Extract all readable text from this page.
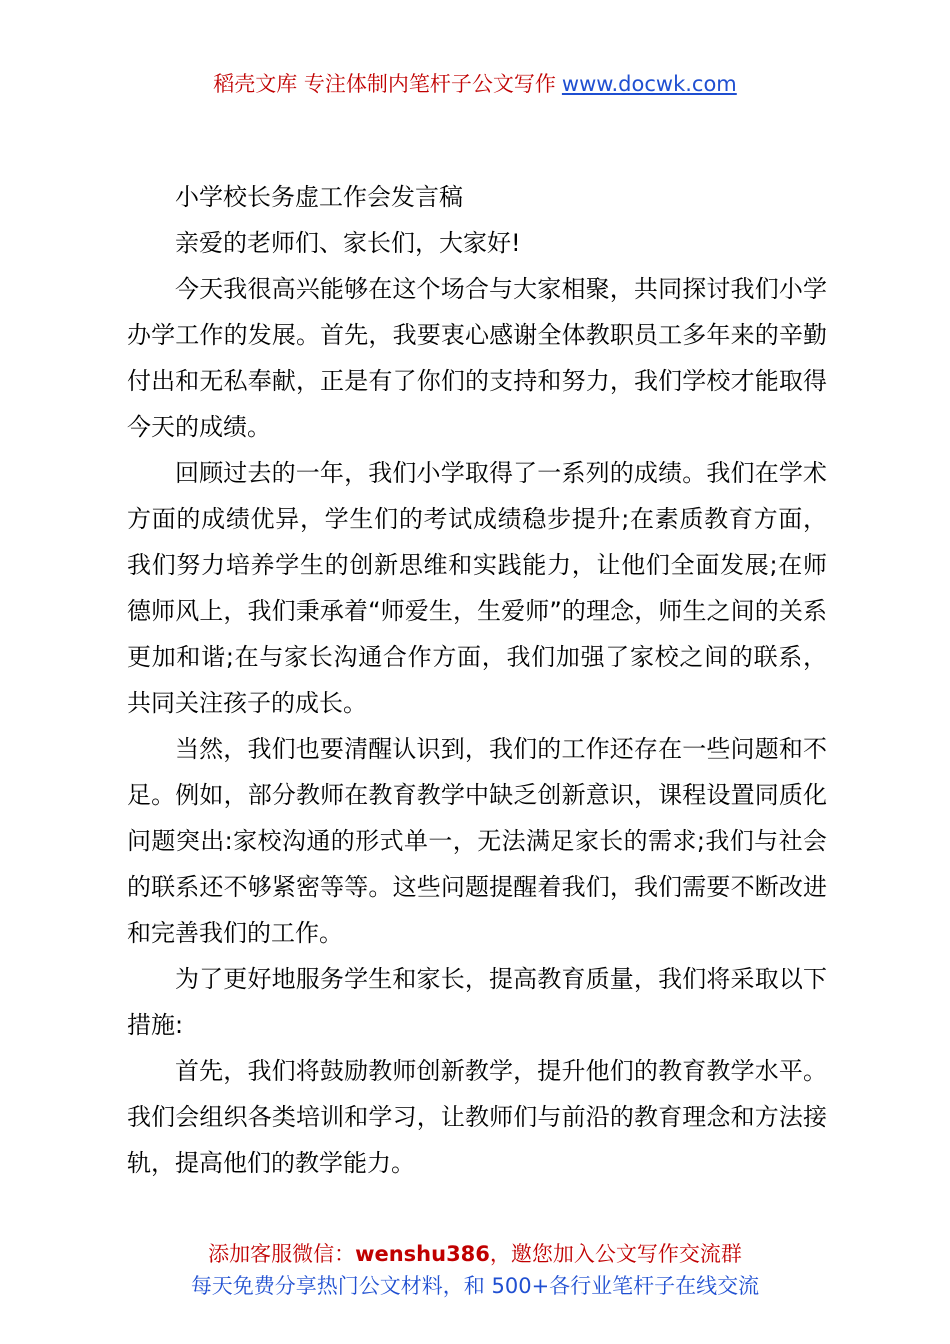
稻壳文库 专注体制内笔杆子公文写作 www.docwk.com

小学校长务虚工作会发言稿

亲爱的老师们、家长们，大家好!

今天我很高兴能够在这个场合与大家相聚，共同探讨我们小学办学工作的发展。首先，我要衷心感谢全体教职员工多年来的辛勤付出和无私奉献，正是有了你们的支持和努力，我们学校才能取得今天的成绩。

回顾过去的一年，我们小学取得了一系列的成绩。我们在学术方面的成绩优异，学生们的考试成绩稳步提升;在素质教育方面，我们努力培养学生的创新思维和实践能力，让他们全面发展;在师德师风上，我们秉承着“师爱生，生爱师”的理念，师生之间的关系更加和谐;在与家长沟通合作方面，我们加强了家校之间的联系，共同关注孩子的成长。

当然，我们也要清醒认识到，我们的工作还存在一些问题和不足。例如，部分教师在教育教学中缺乏创新意识，课程设置同质化问题突出:家校沟通的形式单一，无法满足家长的需求;我们与社会的联系还不够紧密等等。这些问题提醒着我们，我们需要不断改进和完善我们的工作。

为了更好地服务学生和家长，提高教育质量，我们将采取以下措施:

首先，我们将鼓励教师创新教学，提升他们的教育教学水平。我们会组织各类培训和学习，让教师们与前沿的教育理念和方法接轨，提高他们的教学能力。

添加客服微信：wenshu386，邀您加入公文写作交流群
每天免费分享热门公文材料，和 500+各行业笔杆子在线交流
